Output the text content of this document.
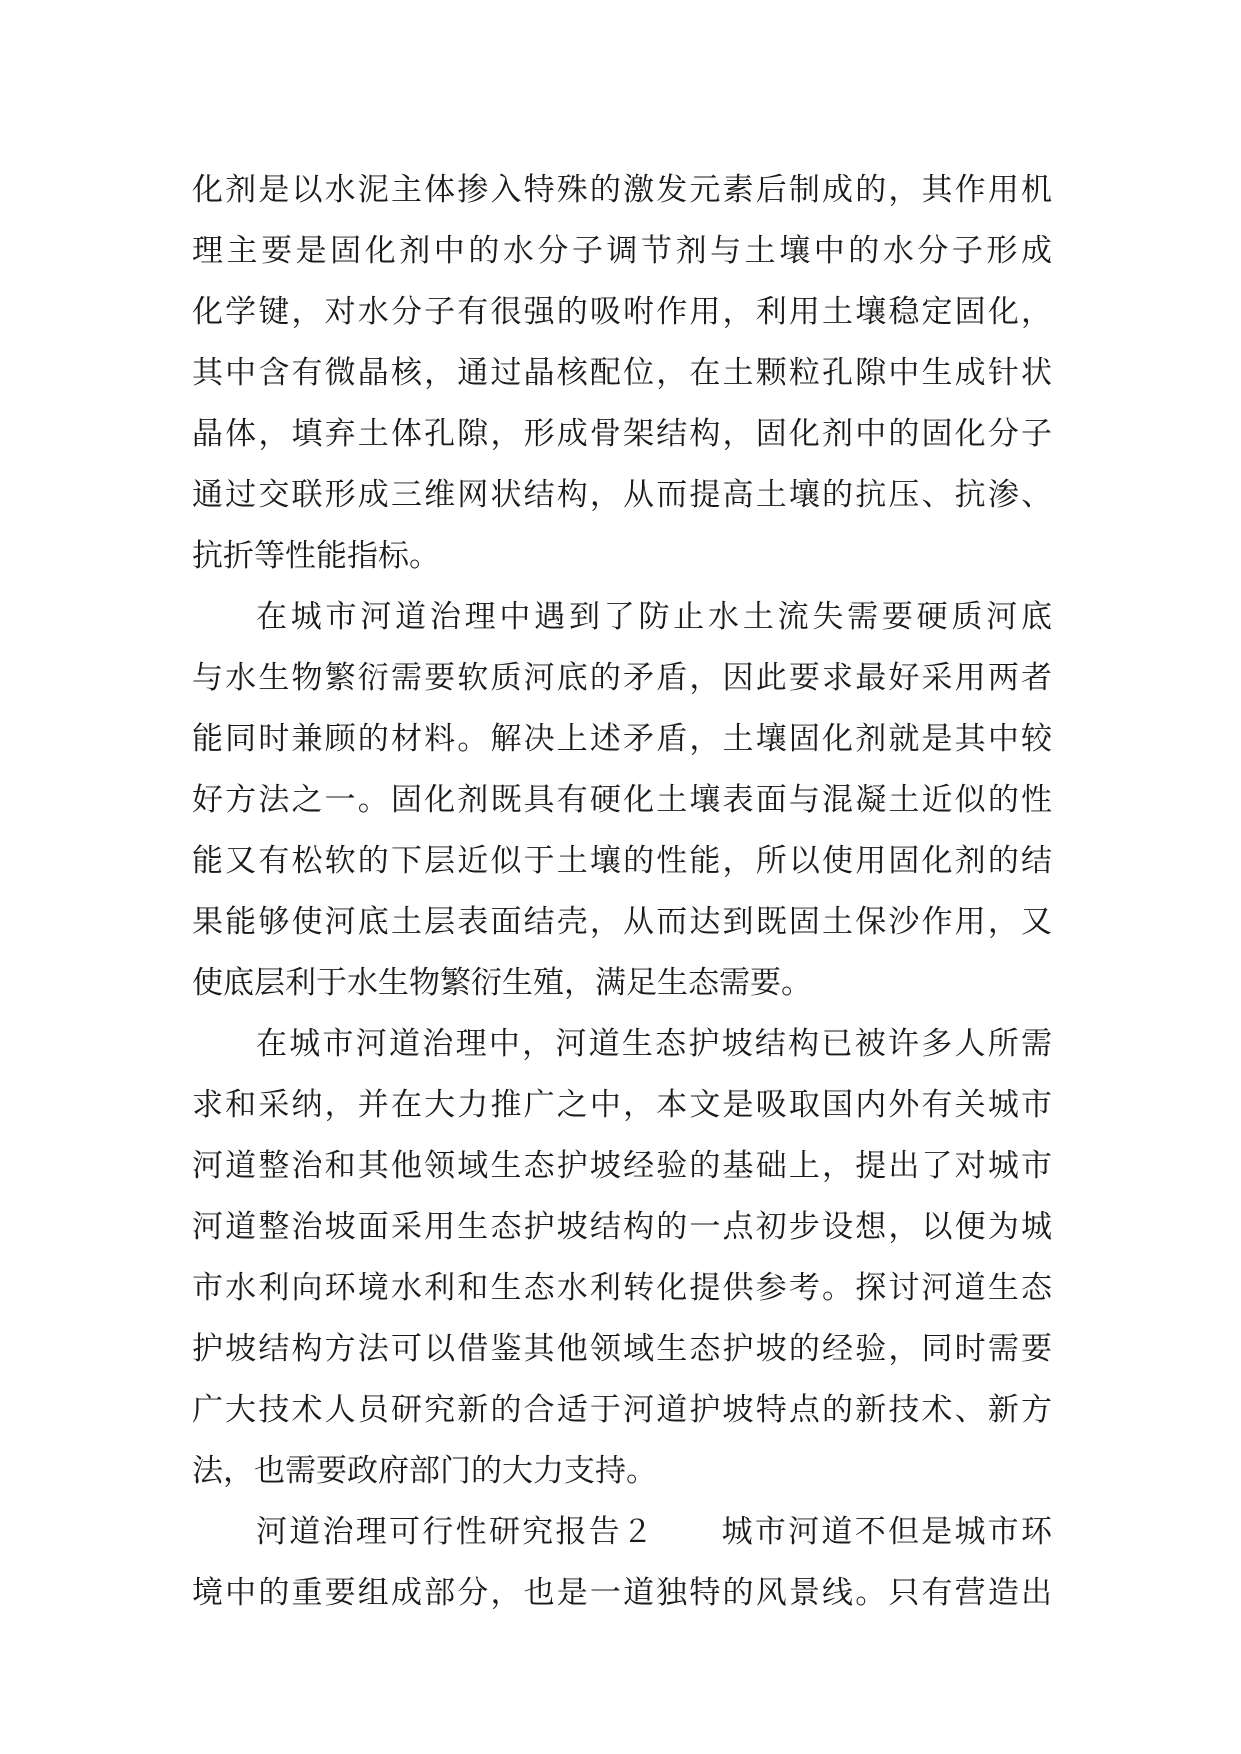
化剂是以水泥主体掺入特殊的激发元素后制成的，其作用机
理主要是固化剂中的水分子调节剂与土壤中的水分子形成
化学键，对水分子有很强的吸咐作用，利用土壤稳定固化，
其中含有微晶核，通过晶核配位，在土颗粒孔隙中生成针状
晶体，填弃土体孔隙，形成骨架结构，固化剂中的固化分子
通过交联形成三维网状结构，从而提高土壤的抗压、抗渗、
抗折等性能指标。
在城市河道治理中遇到了防止水土流失需要硬质河底
与水生物繁衍需要软质河底的矛盾，因此要求最好采用两者
能同时兼顾的材料。解决上述矛盾，土壤固化剂就是其中较
好方法之一。固化剂既具有硬化土壤表面与混凝土近似的性
能又有松软的下层近似于土壤的性能，所以使用固化剂的结
果能够使河底土层表面结壳，从而达到既固土保沙作用，又
使底层利于水生物繁衍生殖，满足生态需要。
在城市河道治理中，河道生态护坡结构已被许多人所需
求和采纳，并在大力推广之中，本文是吸取国内外有关城市
河道整治和其他领域生态护坡经验的基础上，提出了对城市
河道整治坡面采用生态护坡结构的一点初步设想，以便为城
市水利向环境水利和生态水利转化提供参考。探讨河道生态
护坡结构方法可以借鉴其他领域生态护坡的经验，同时需要
广大技术人员研究新的合适于河道护坡特点的新技术、新方
法，也需要政府部门的大力支持。
河道治理可行性研究报告２　　城市河道不但是城市环
境中的重要组成部分，也是一道独特的风景线。只有营造出
